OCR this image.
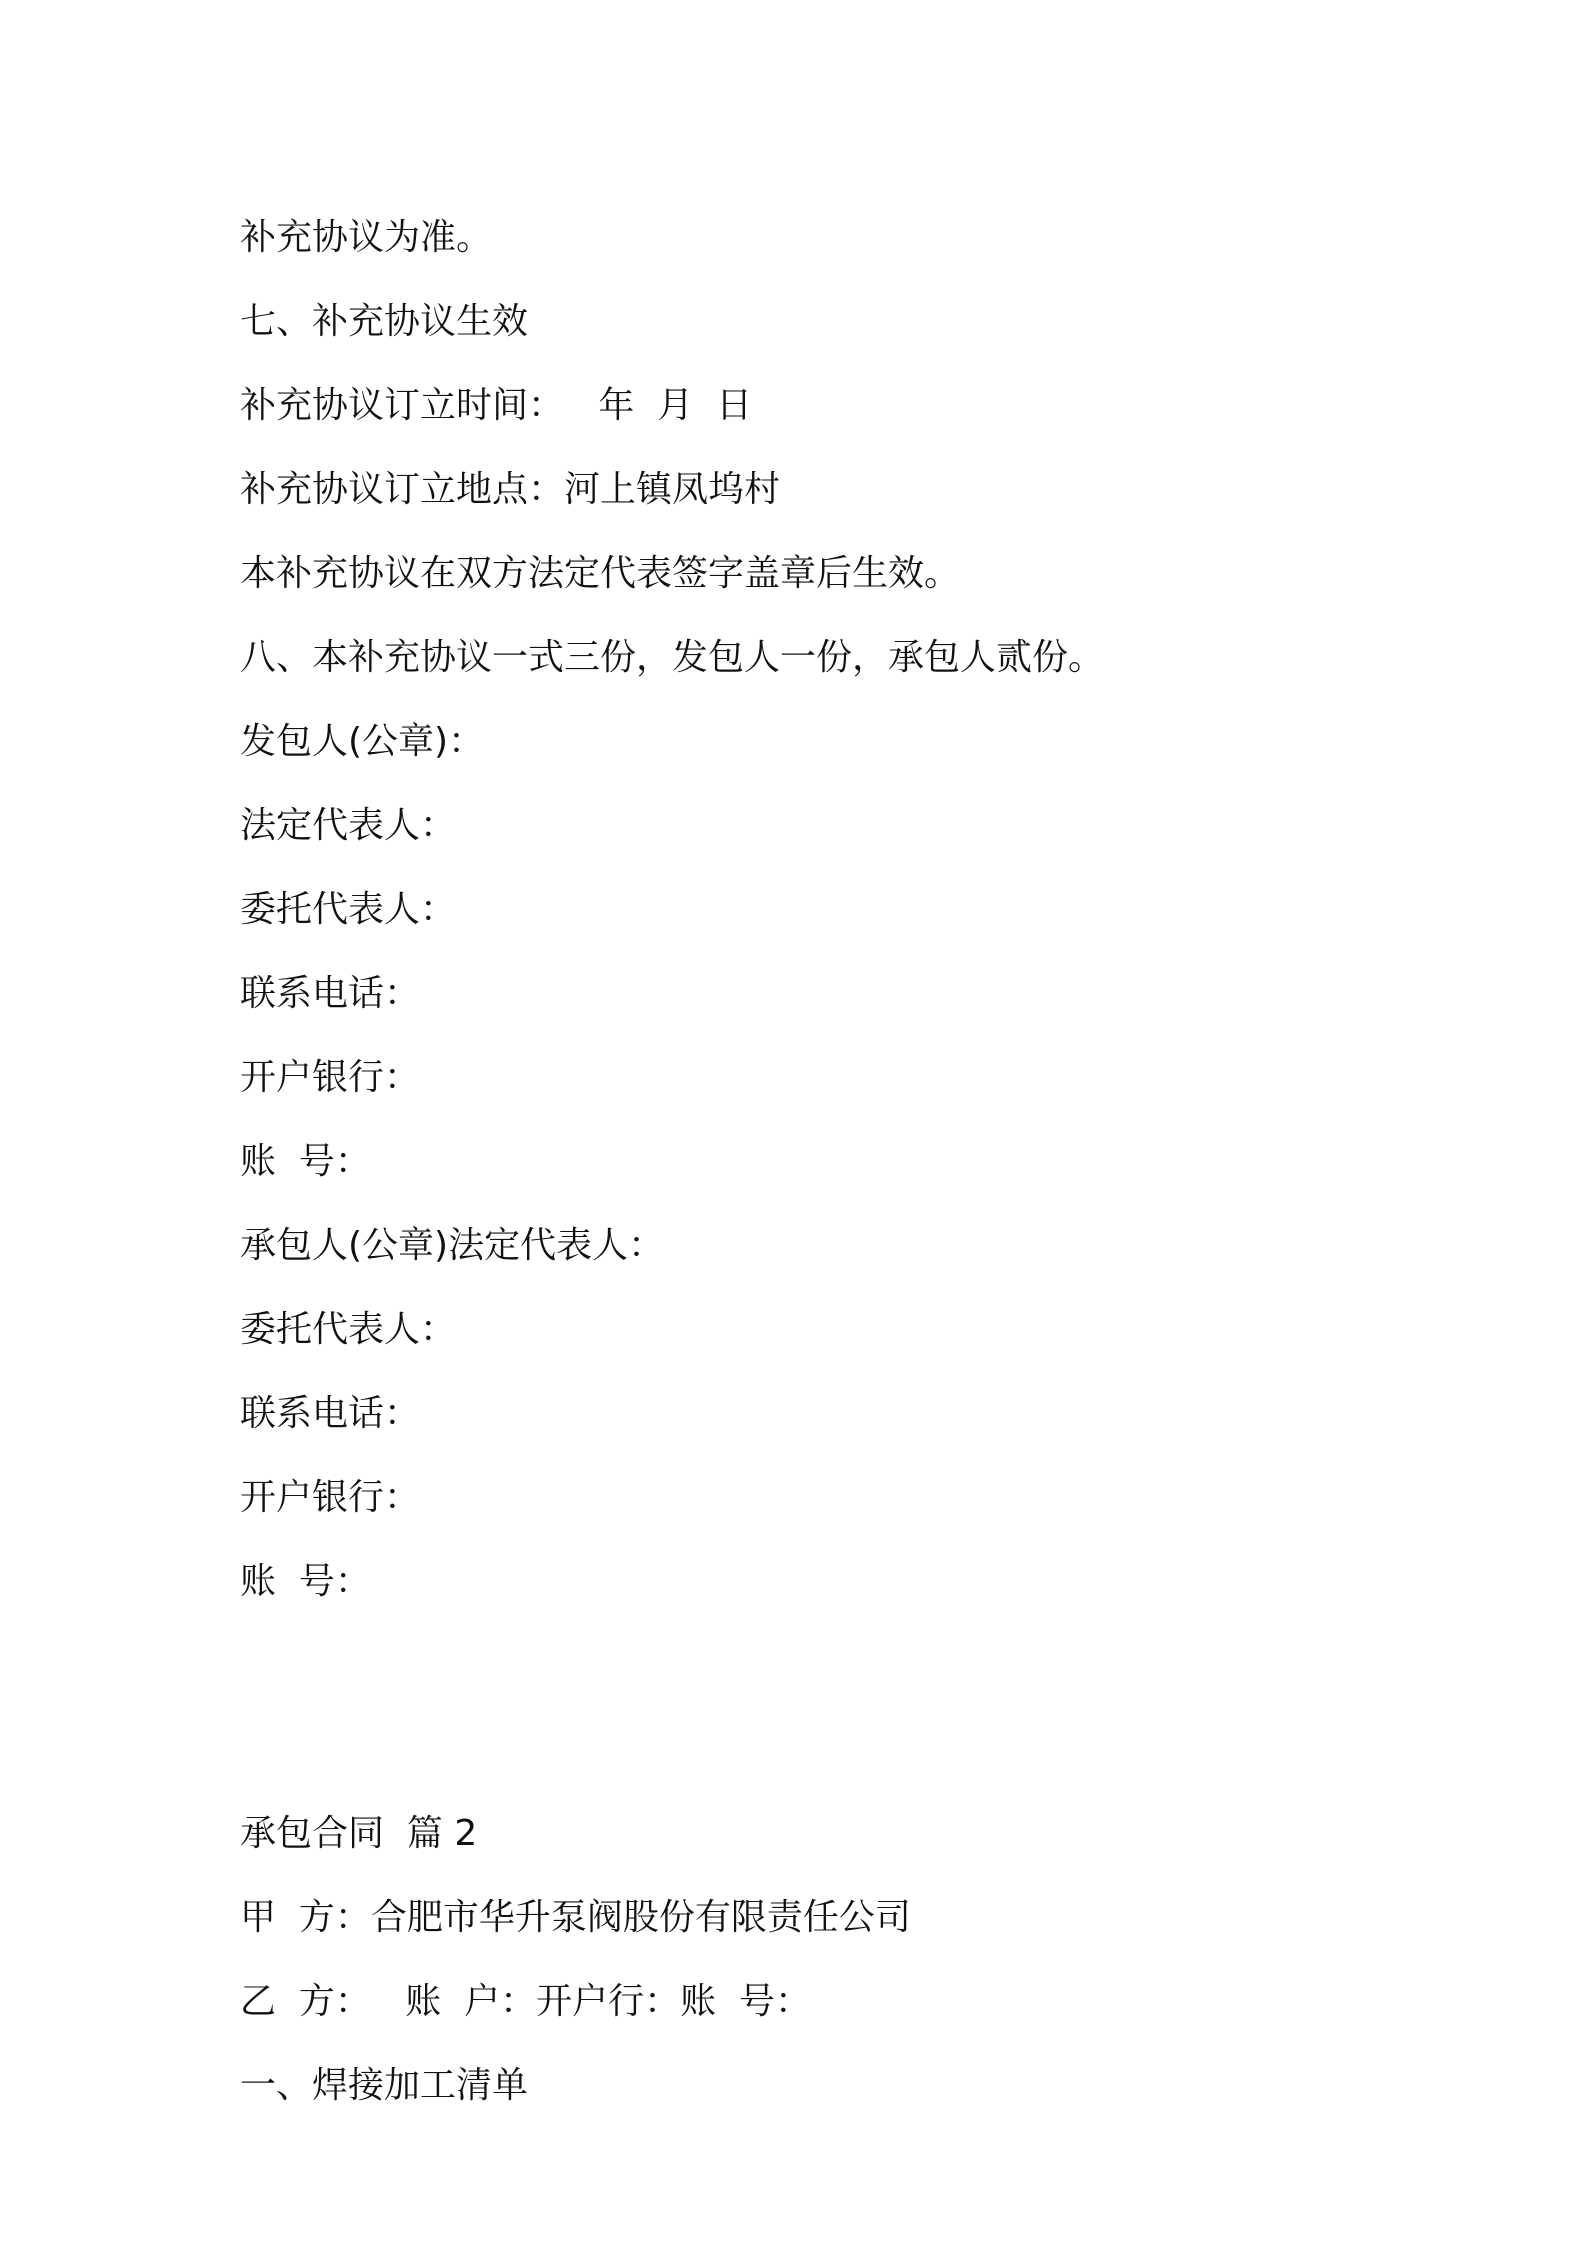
补充协议为准。
七、补充协议生效
补充协议订立时间：   年  月  日
补充协议订立地点：河上镇凤坞村
本补充协议在双方法定代表签字盖章后生效。
八、本补充协议一式三份，发包人一份，承包人贰份。
发包人(公章)：
法定代表人：
委托代表人：
联系电话：
开户银行：
账  号：
承包人(公章)法定代表人：
委托代表人：
联系电话：
开户银行：
账  号：
承包合同  篇 2
甲  方：合肥市华升泵阀股份有限责任公司
乙  方：   账  户：开户行：账  号：
一、焊接加工清单
